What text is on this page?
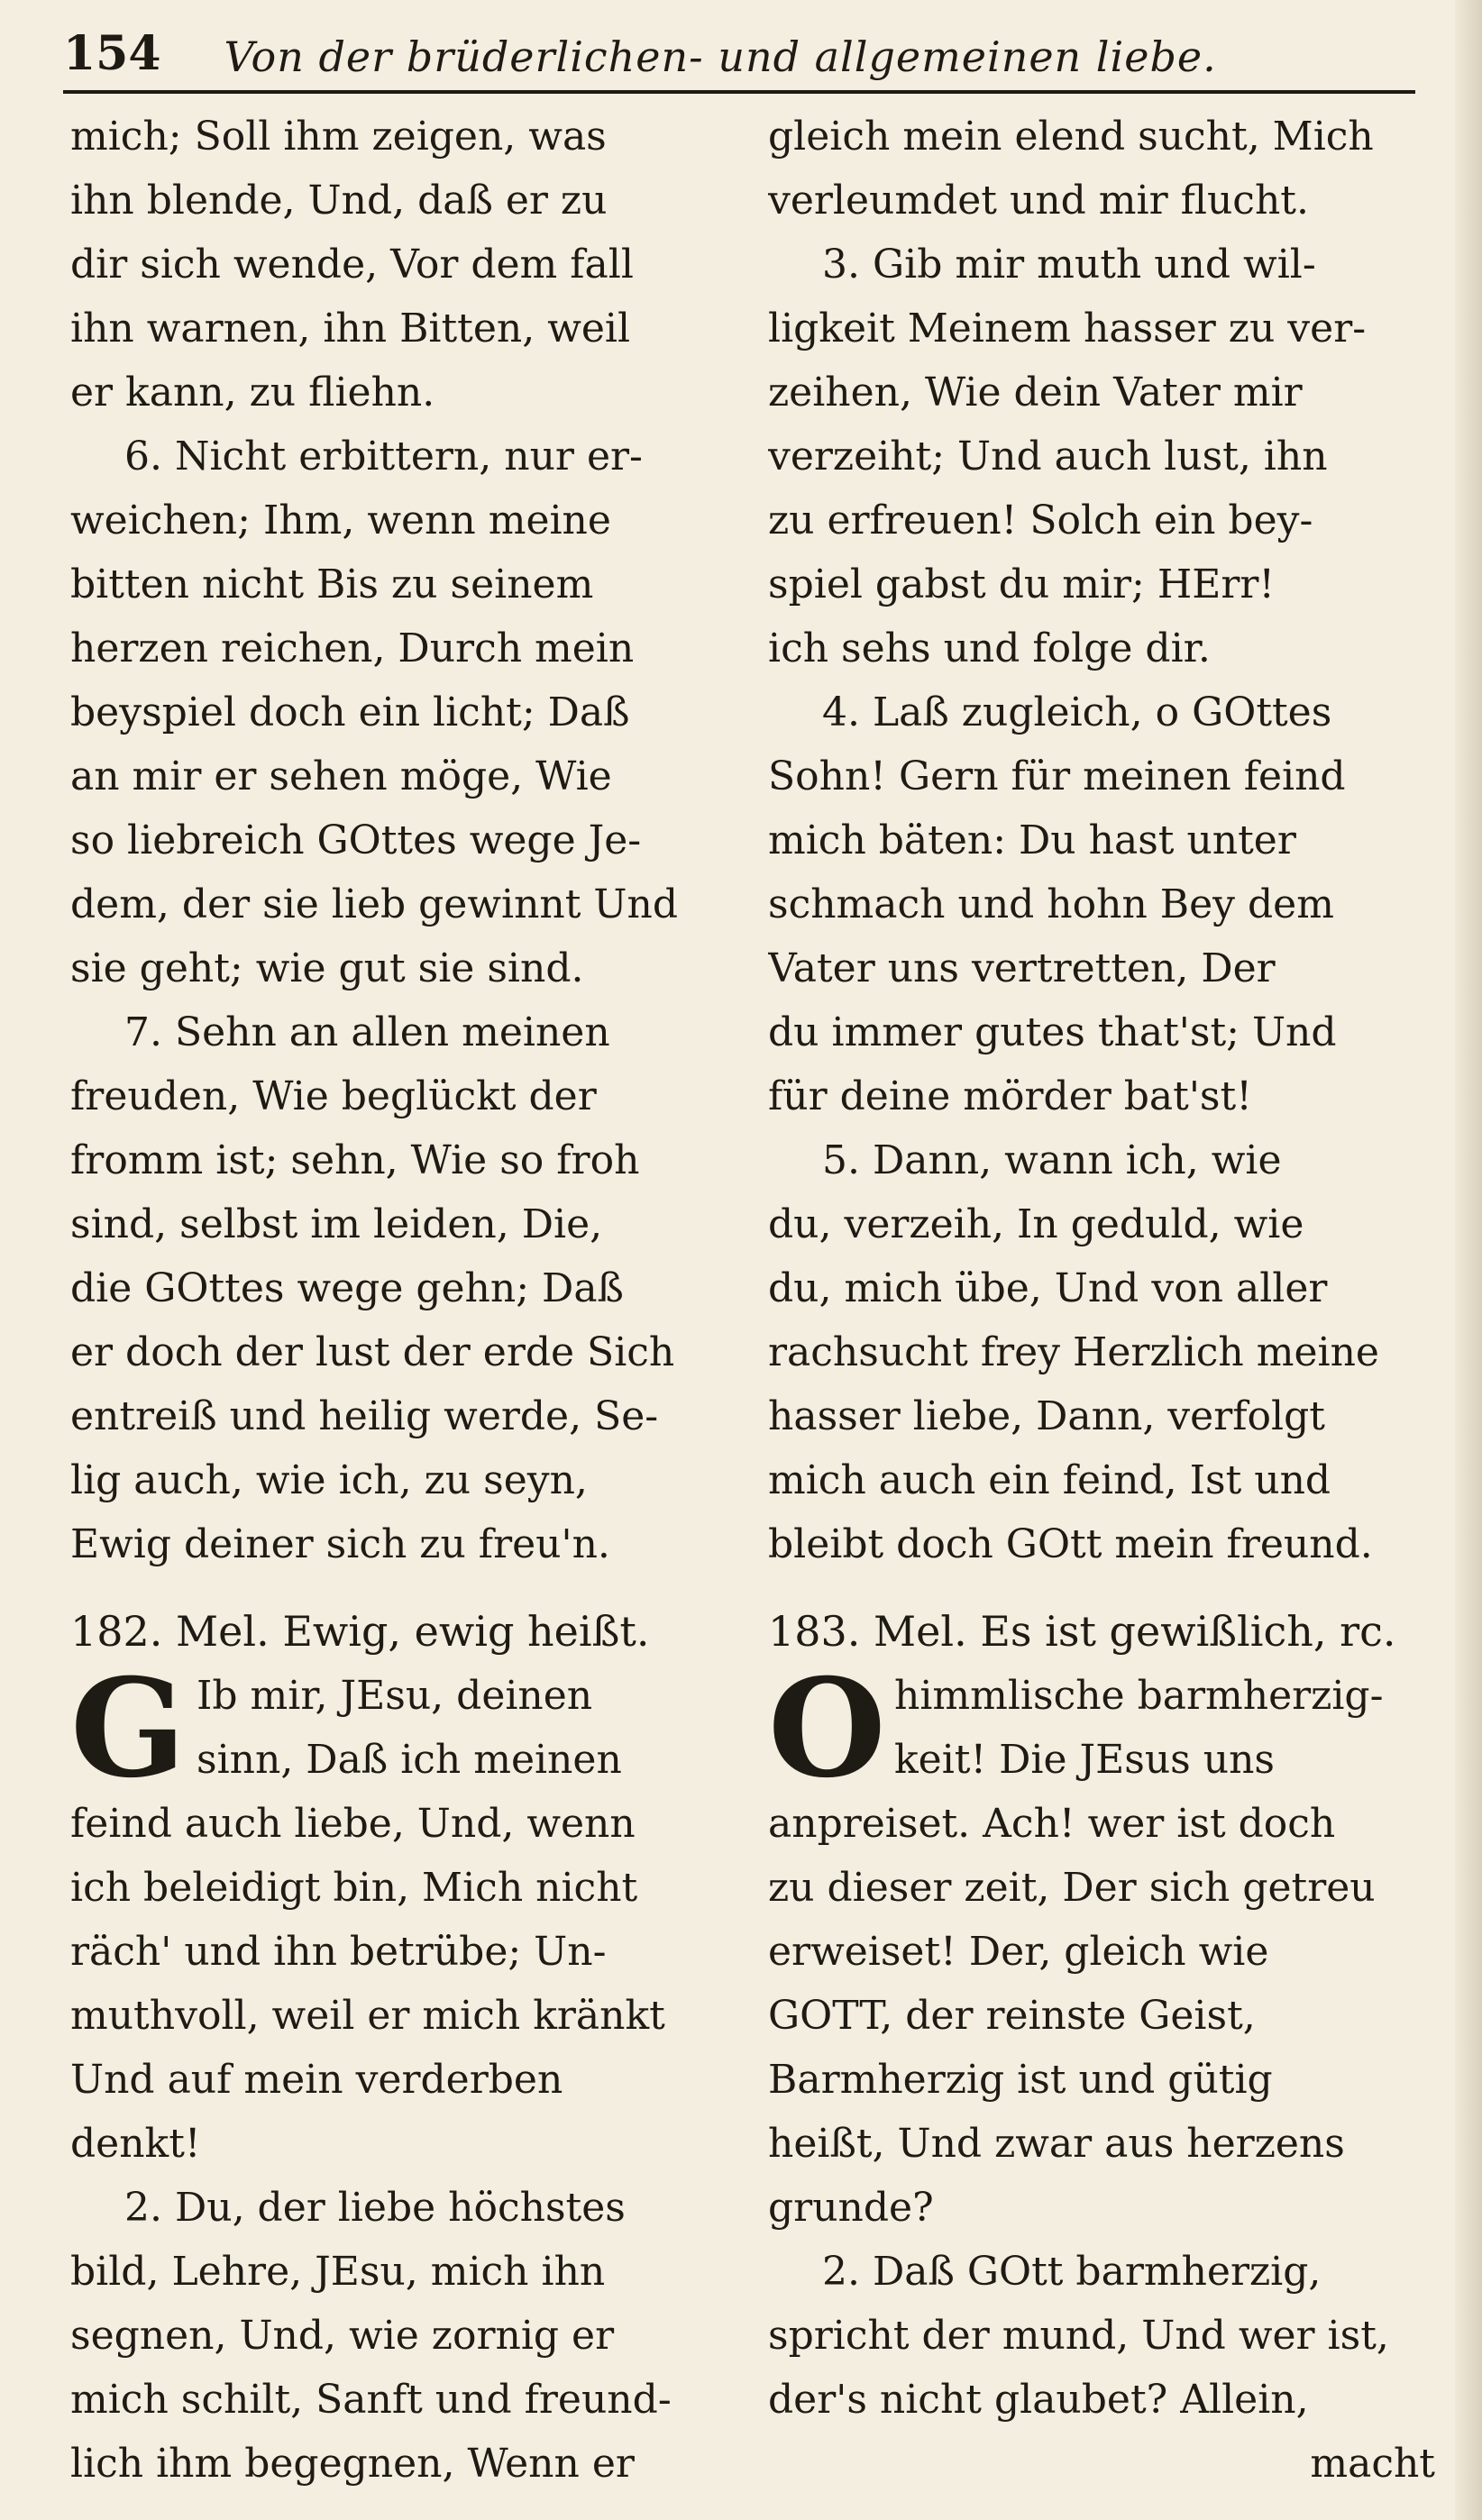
154 Von der brüderlichen- und allgemeinen liebe.
mich; Soll ihm zeigen, was
ihn blende, Und, daß er zu
dir sich wende, Vor dem fall
ihn warnen, ihn Bitten, weil
er kann, zu fliehn.
6. Nicht erbittern, nur er-
weichen; Ihm, wenn meine
bitten nicht Bis zu seinem
herzen reichen, Durch mein
beyspiel doch ein licht; Daß
an mir er sehen möge, Wie
so liebreich GOttes wege Je-
dem, der sie lieb gewinnt Und
sie geht; wie gut sie sind.
7. Sehn an allen meinen
freuden, Wie beglückt der
fromm ist; sehn, Wie so froh
sind, selbst im leiden, Die,
die GOttes wege gehn; Daß
er doch der lust der erde Sich
entreiß und heilig werde, Se-
lig auch, wie ich, zu seyn,
Ewig deiner sich zu freu'n.
182. Mel. Ewig, ewig heißt.
G Ib mir, JEsu, deinen
sinn, Daß ich meinen
feind auch liebe, Und, wenn
ich beleidigt bin, Mich nicht
räch' und ihn betrübe; Un-
muthvoll, weil er mich kränkt
Und auf mein verderben
denkt!
2. Du, der liebe höchstes
bild, Lehre, JEsu, mich ihn
segnen, Und, wie zornig er
mich schilt, Sanft und freund-
lich ihm begegnen, Wenn er
gleich mein elend sucht, Mich
verleumdet und mir flucht.
3. Gib mir muth und wil-
ligkeit Meinem hasser zu ver-
zeihen, Wie dein Vater mir
verzeiht; Und auch lust, ihn
zu erfreuen! Solch ein bey-
spiel gabst du mir; HErr!
ich sehs und folge dir.
4. Laß zugleich, o GOttes
Sohn! Gern für meinen feind
mich bäten: Du hast unter
schmach und hohn Bey dem
Vater uns vertretten, Der
du immer gutes that'st; Und
für deine mörder bat'st!
5. Dann, wann ich, wie
du, verzeih, In geduld, wie
du, mich übe, Und von aller
rachsucht frey Herzlich meine
hasser liebe, Dann, verfolgt
mich auch ein feind, Ist und
bleibt doch GOtt mein freund.
183. Mel. Es ist gewißlich, rc.
O himmlische barmherzig-
keit! Die JEsus uns
anpreiset. Ach! wer ist doch
zu dieser zeit, Der sich getreu
erweiset! Der, gleich wie
GOTT, der reinste Geist,
Barmherzig ist und gütig
heißt, Und zwar aus herzens
grunde?
2. Daß GOtt barmherzig,
spricht der mund, Und wer ist,
der's nicht glaubet? Allein,
macht
